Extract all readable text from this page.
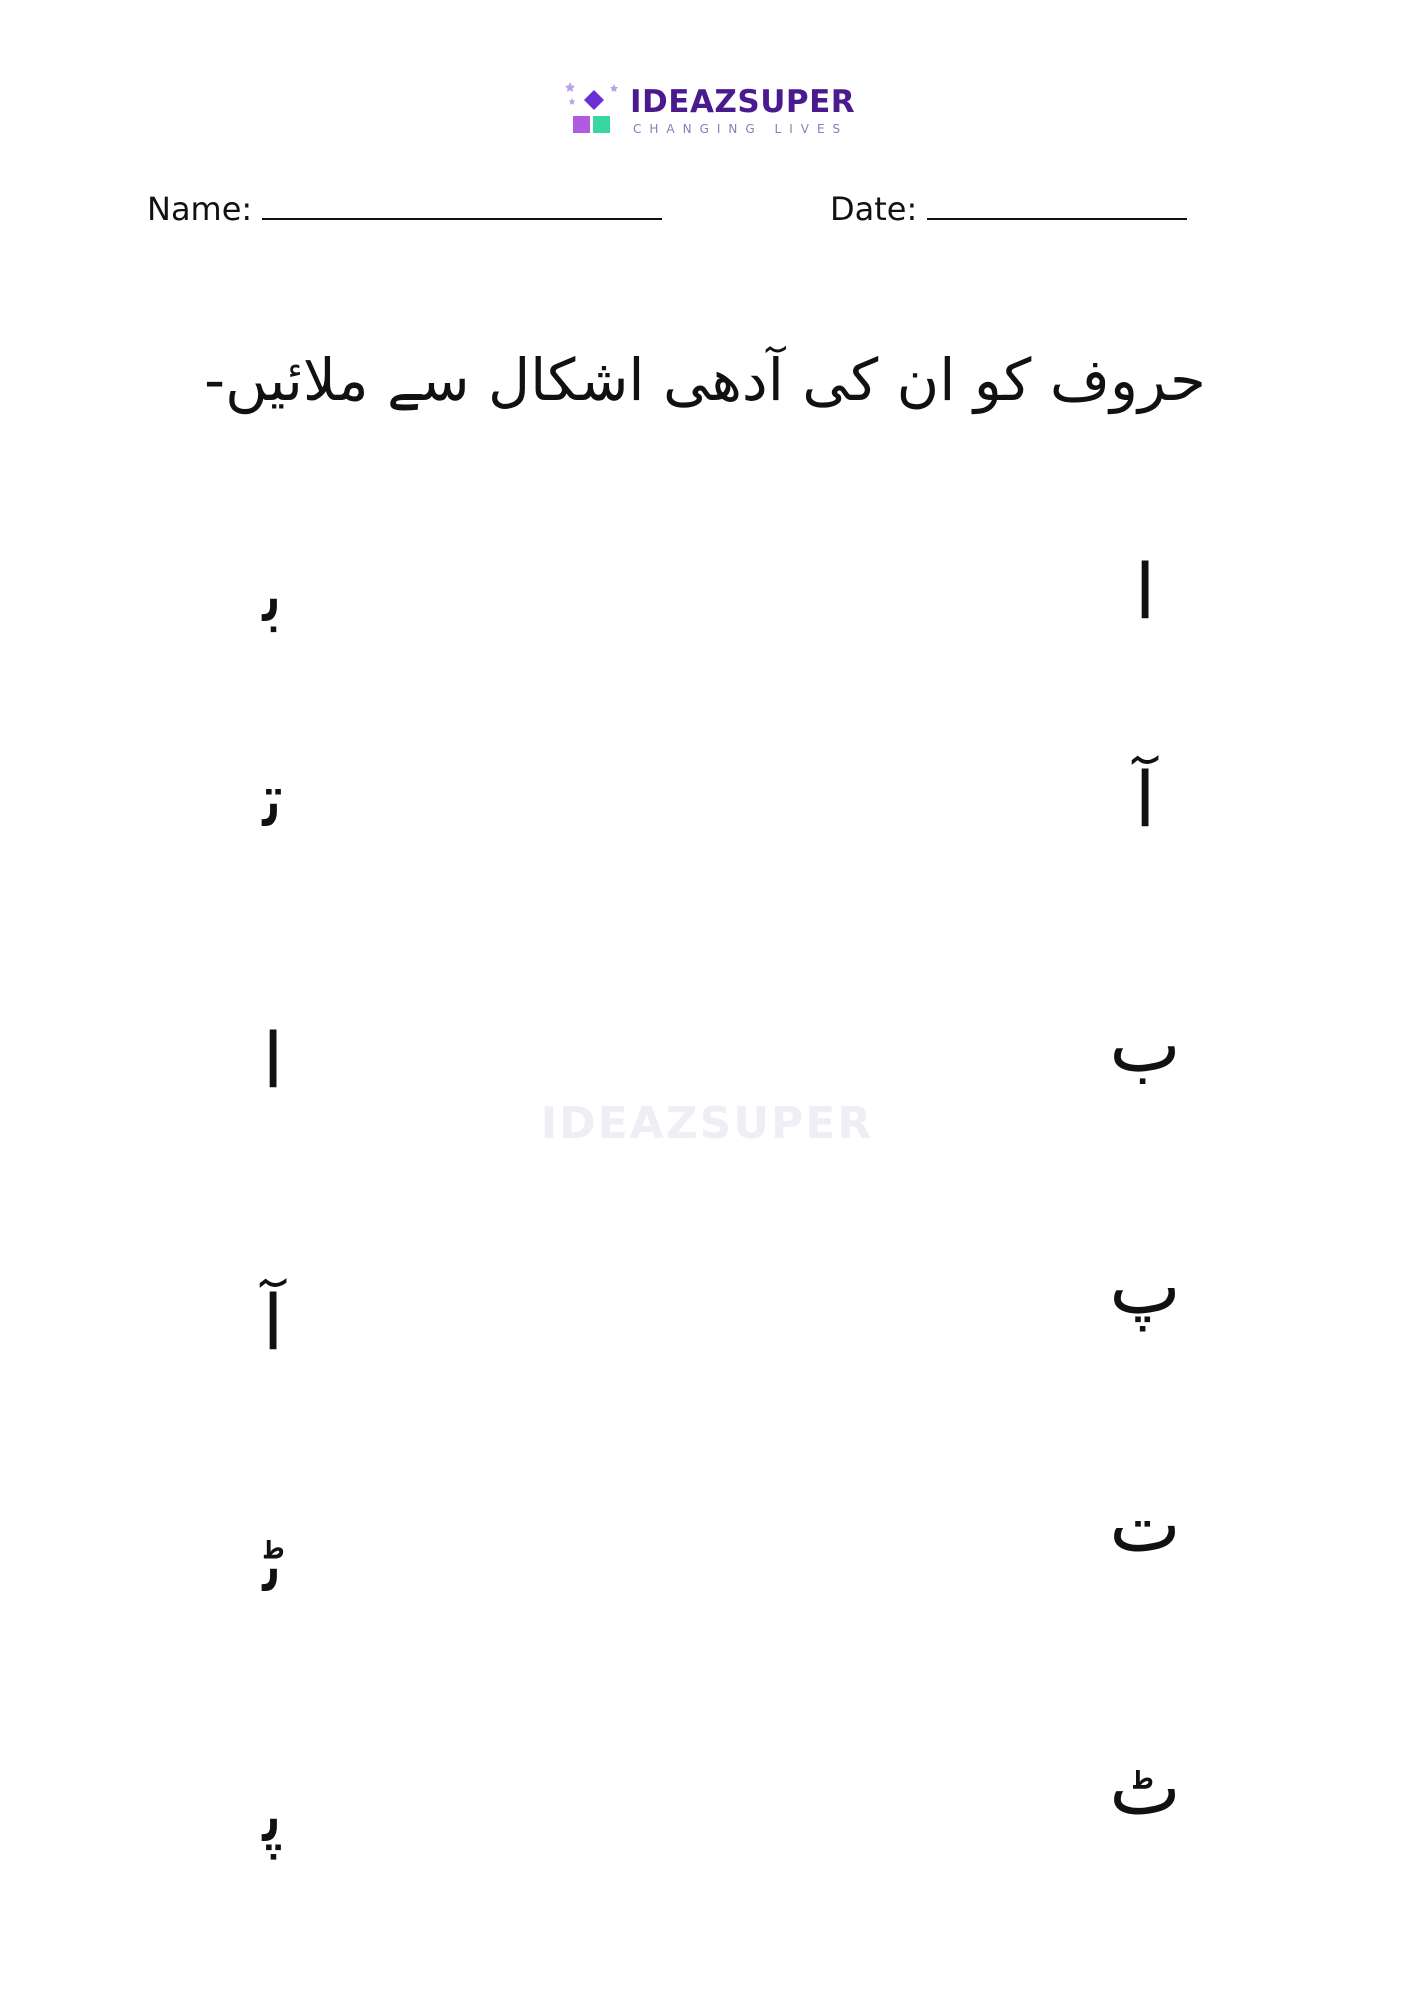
IDEAZSUPER
CHANGING LIVES
Name:	Date:
حروف کو ان کی آدھی اشکال سے ملائیں-
IDEAZSUPER
ﺑ
ﺗ
ا
آ
ﭨ
ﭘ
ا
آ
ب
پ
ت
ٹ
